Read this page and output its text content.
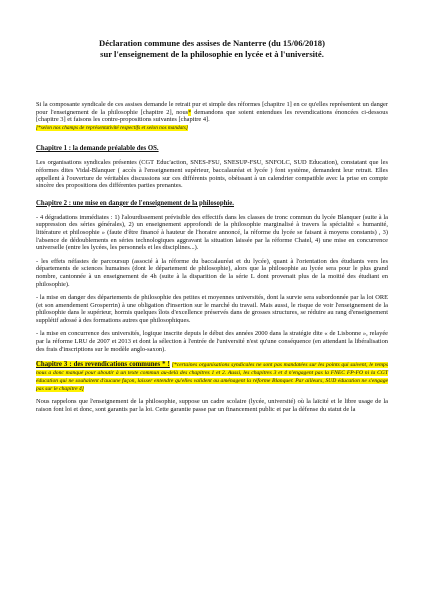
Déclaration commune des assises de Nanterre (du 15/06/2018)
sur l'enseignement de la philosophie en lycée et à l'université.
Si la composante syndicale de ces assises demande le retrait pur et simple des réformes [chapitre 1] en ce qu'elles représentent un danger pour l'enseignement de la philosophie [chapitre 2], nous* demandons que soient entendues les revendications énoncées ci-dessous [chapitre 3] et faisons les contre-propositions suivantes [chapitre 4].
[*selon nos champs de représentativité respectifs et selon nos mandats]
Chapitre 1 : la demande préalable des OS.
Les organisations syndicales présentes (CGT Educ'action, SNES-FSU, SNESUP-FSU, SNFOLC, SUD Education), constatant que les réformes dites Vidal-Blanquer ( accès à l'enseignement supérieur, baccalauréat et lycée ) font système, demandent leur retrait. Elles appellent à l'ouverture de véritables discussions sur ces différents points, obéissant à un calendrier compatible avec la prise en compte sincère des propositions des différentes parties prenantes.
Chapitre 2 : une mise en danger de l'enseignement de la philosophie.
- 4 dégradations immédiates : 1) l'alourdissement prévisible des effectifs dans les classes de tronc commun du lycée Blanquer (suite à la suppression des séries générales), 2) un enseignement approfondi de la philosophie marginalisé à travers la spécialité « humanité, littérature et philosophie » (faute d'être financé à hauteur de l'horaire annoncé, la réforme du lycée se faisant à moyens constants) , 3) l'absence de dédoublements en séries technologiques aggravant la situation laissée par la réforme Chatel, 4) une mise en concurrence universelle (entre les lycées, les personnels et les disciplines...).
- les effets néfastes de parcoursup (associé à la réforme du baccalauréat et du lycée), quant à l'orientation des étudiants vers les départements de sciences humaines (dont le département de philosophie), alors que la philosophie au lycée sera pour le plus grand nombre, cantonnée à un enseignement de 4h (suite à la disparition de la série L dont provenait plus de la moitié des étudiant en philosophie).
- la mise en danger des départements de philosophie des petites et moyennes universités, dont la survie sera subordonnée par la loi ORE (et son amendement Grosperrin) à une obligation d'insertion sur le marché du travail. Mais aussi, le risque de voir l'enseignement de la philosophie dans le supérieur, hormis quelques îlots d'excellence préservés dans de grosses structures, se réduire au rang d'enseignement supplétif adossé à des formations autres que philosophiques.
- la mise en concurrence des universités, logique inscrite depuis le début des années 2000 dans la stratégie dite « de Lisbonne », relayée par la réforme LRU de 2007 et 2013 et dont la sélection à l'entrée de l'université n'est qu'une conséquence (en attendant la libéralisation des frais d'inscriptions sur le modèle anglo-saxon).
Chapitre 3 : des revendications communes * ! [*certaines organisations syndicales ne sont pas mandatées sur les points qui suivent, le temps nous a donc manqué pour aboutir à un texte commun au-delà des chapitres 1 et 2. Aussi, les chapitres 3 et 4 n'engagent pas la FNEC FP-FO ni la CGT éducation qui ne souhaitent d'aucune façon, laisser entendre qu'elles valident ou aménagent la réforme Blanquer. Par ailleurs, SUD éducation ne s'engage pas sur le chapitre 4]
Nous rappelons que l'enseignement de la philosophie, suppose un cadre scolaire (lycée, université) où la laïcité et le libre usage de la raison font loi et donc, sont garantis par la loi. Cette garantie passe par un financement public et par la défense du statut de la
